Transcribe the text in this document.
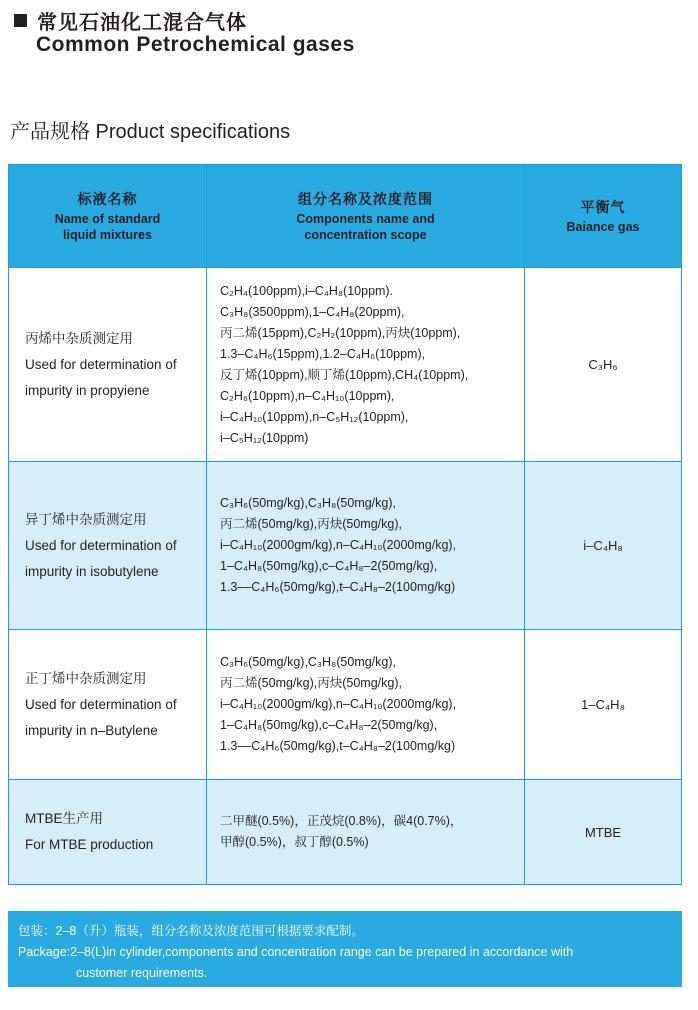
常见石油化工混合气体
Common Petrochemical gases
产品规格 Product specifications
标液名称
Name of standard
liquid mixtures
组分名称及浓度范围
Components name and
concentration scope
平衡气
Baiance gas
丙烯中杂质测定用
Used for determination of
impurity in propyiene
C₂H₄(100ppm),i–C₄H₈(10ppm).
C₃H₈(3500ppm),1–C₄H₈(20ppm),
丙二烯(15ppm),C₂H₂(10ppm),丙炔(10ppm),
1.3–C₄H₆(15ppm),1.2–C₄H₆(10ppm),
反丁烯(10ppm),顺丁烯(10ppm),CH₄(10ppm),
C₂H₆(10ppm),n–C₄H₁₀(10ppm),
i–C₄H₁₀(10ppm),n–C₅H₁₂(10ppm),
i–C₅H₁₂(10ppm)
C₃H₆
异丁烯中杂质测定用
Used for determination of
impurity in isobutylene
C₃H₆(50mg/kg),C₃H₈(50mg/kg),
丙二烯(50mg/kg),丙炔(50mg/kg),
i–C₄H₁₀(2000gm/kg),n–C₄H₁₀(2000mg/kg),
1–C₄H₈(50mg/kg),c–C₄H₈–2(50mg/kg),
1.3––C₄H₆(50mg/kg),t–C₄H₈–2(100mg/kg)
i–C₄H₈
正丁烯中杂质测定用
Used for determination of
impurity in n–Butylene
C₃H₆(50mg/kg),C₃H₈(50mg/kg),
丙二烯(50mg/kg),丙炔(50mg/kg),
i–C₄H₁₀(2000gm/kg),n–C₄H₁₀(2000mg/kg),
1–C₄H₈(50mg/kg),c–C₄H₈–2(50mg/kg),
1.3––C₄H₆(50mg/kg),t–C₄H₈–2(100mg/kg)
1–C₄H₈
MTBE生产用
For MTBE production
二甲醚(0.5%)，正茂烷(0.8%)，碳4(0.7%)，
甲醇(0.5%)，叔丁醇(0.5%)
MTBE
包装：2–8（升）瓶装，组分名称及浓度范围可根据要求配制。
Package:2–8(L)in cylinder,components and concentration range can be prepared in accordance with
customer requirements.
